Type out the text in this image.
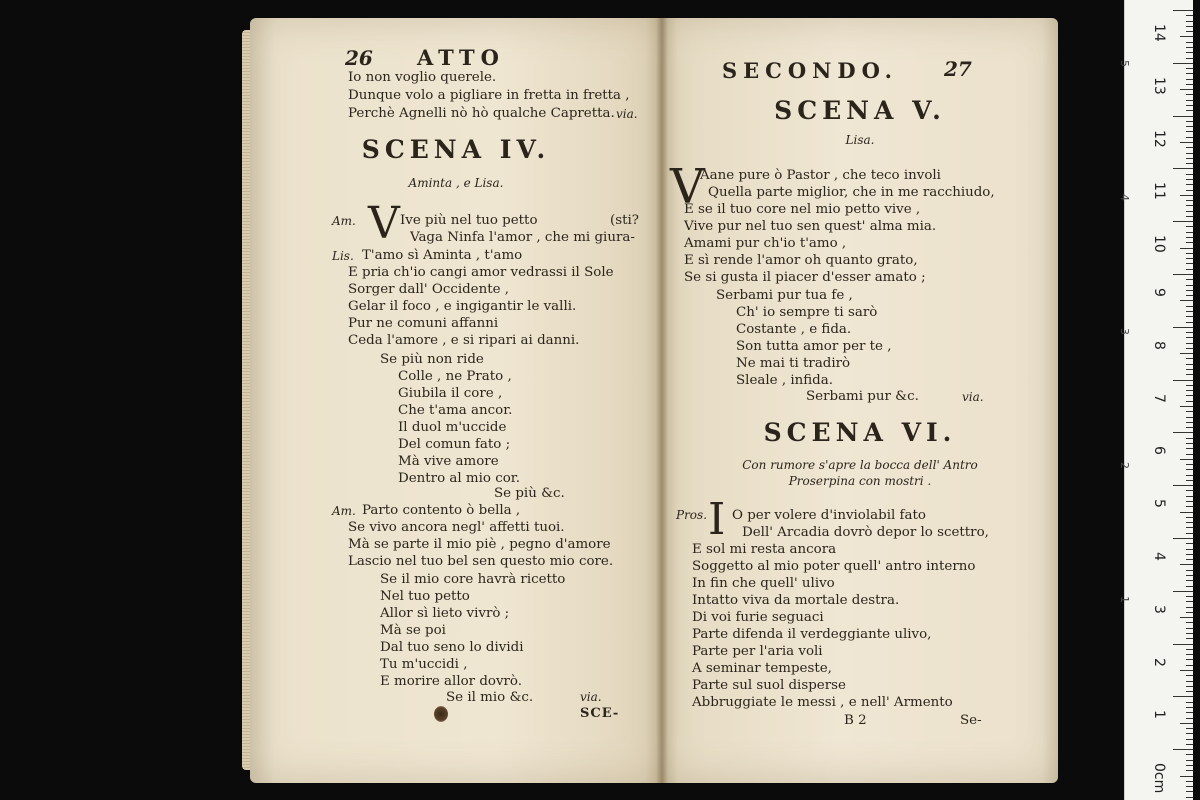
26 ATTO
Io non voglio querele.
Dunque volo a pigliare in fretta in fretta ,
Perchè Agnelli nò hò qualche Capretta. via.
SCENA IV.
Aminta , e Lisa.
Am. V Ive più nel tuo petto	(sti?
Vaga Ninfa l'amor , che mi giura-
Lis. T'amo sì Aminta , t'amo
E pria ch'io cangi amor vedrassi il Sole
Sorger dall' Occidente ,
Gelar il foco , e ingigantir le valli.
Pur ne comuni affanni
Ceda l'amore , e si ripari ai danni.
Se più non ride
Colle , ne Prato ,
Giubila il core ,
Che t'ama ancor.
Il duol m'uccide
Del comun fato ;
Mà vive amore
Dentro al mio cor.
Se più &c.
Am. Parto contento ò bella ,
Se vivo ancora negl' affetti tuoi.
Mà se parte il mio piè , pegno d'amore
Lascio nel tuo bel sen questo mio core.
Se il mio core havrà ricetto
Nel tuo petto
Allor sì lieto vivrò ;
Mà se poi
Dal tuo seno lo dividi
Tu m'uccidi ,
E morire allor dovrò.
Se il mio &c.	via.
SCE-
SECONDO. 27
SCENA V.
Lisa.
V
Aane pure ò Pastor , che teco involi
Quella parte miglior, che in me racchiudo,
E se il tuo core nel mio petto vive ,
Vive pur nel tuo sen quest' alma mia.
Amami pur ch'io t'amo ,
E sì rende l'amor oh quanto grato,
Se si gusta il piacer d'esser amato ;
Serbami pur tua fe ,
Ch' io sempre ti sarò
Costante , e fida.
Son tutta amor per te ,
Ne mai ti tradirò
Sleale , infida.
Serbami pur &c.	via.
SCENA VI.
Con rumore s'apre la bocca dell' Antro
Proserpina con mostri .
Pros. I O per volere d'inviolabil fato
Dell' Arcadia dovrò depor lo scettro,
E sol mi resta ancora
Soggetto al mio poter quell' antro interno
In fin che quell' ulivo
Intatto viva da mortale destra.
Di voi furie seguaci
Parte difenda il verdeggiante ulivo,
Parte per l'aria voli
A seminar tempeste,
Parte sul suol disperse
Abbruggiate le messi , e nell' Armento
B 2	Se-
14
13
12
11
10
9
8
7
6
5
4
3
2
1
0cm
5
4
3
2
1
